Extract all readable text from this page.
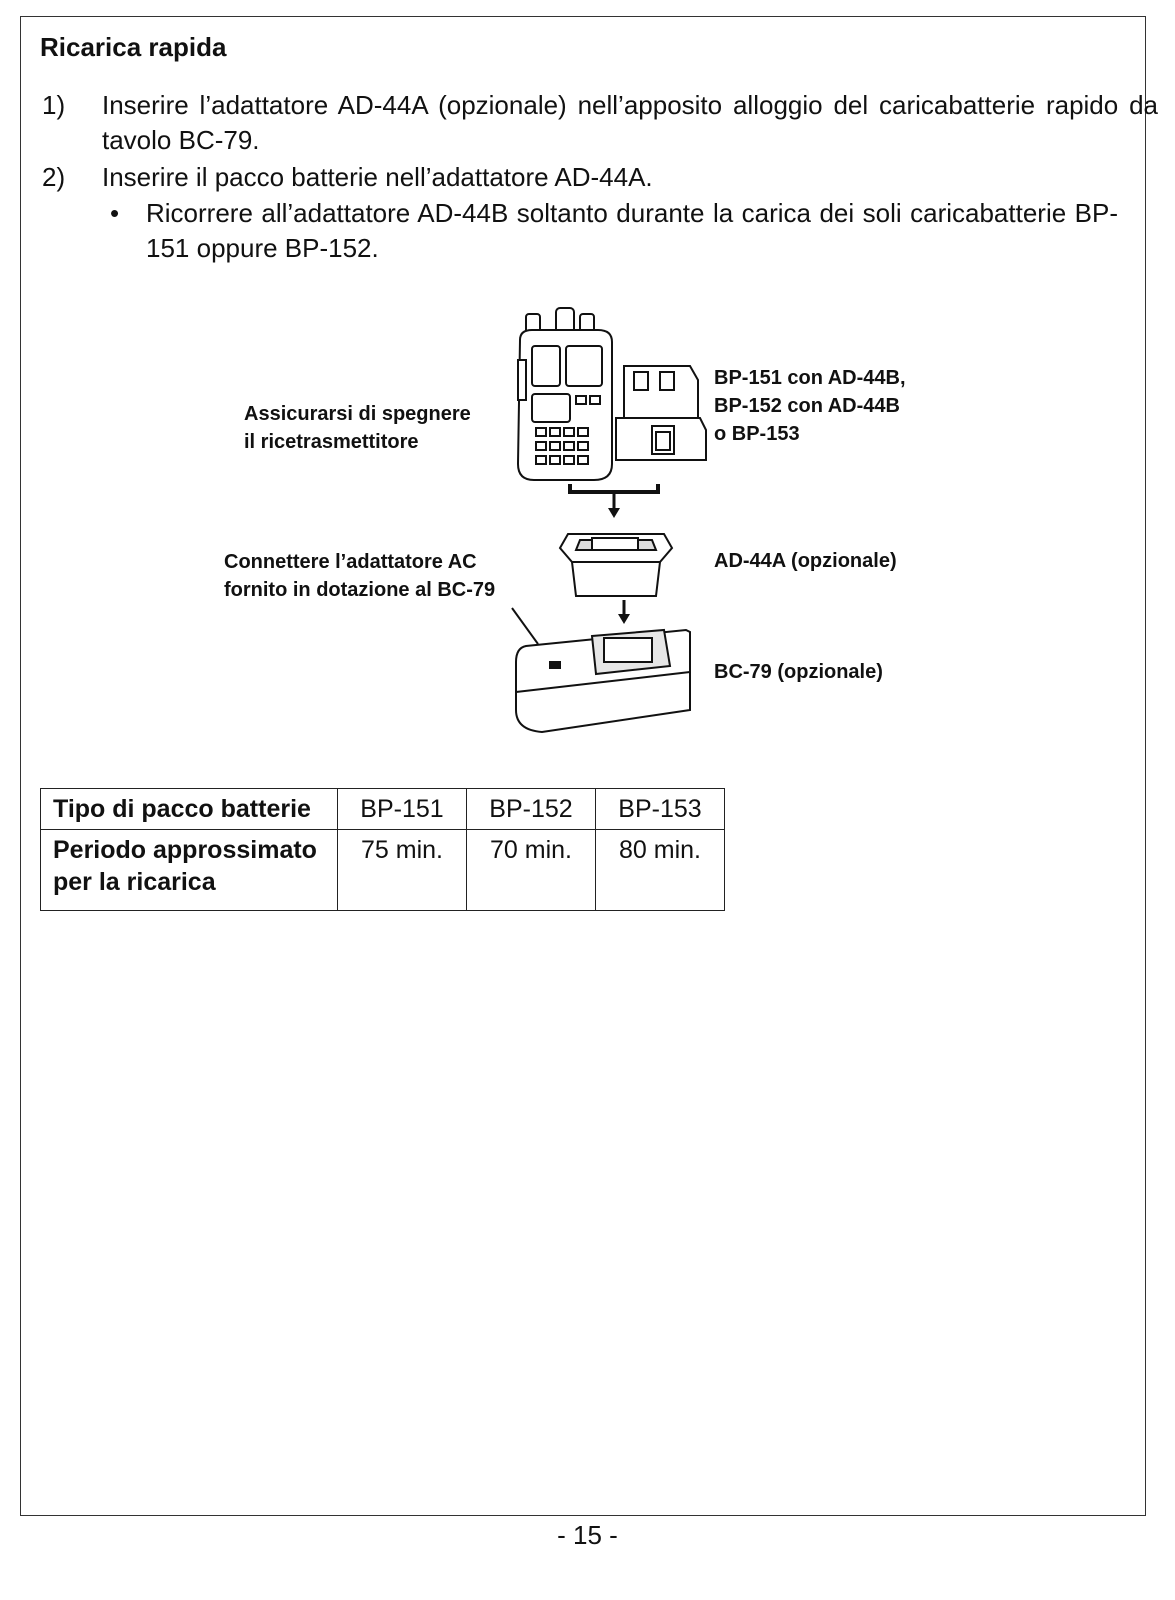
Ricarica rapida
1) Inserire l’adattatore AD-44A (opzionale) nell’apposito alloggio del caricabatterie rapido da tavolo BC-79.
2) Inserire il pacco batterie nell’adattatore AD-44A.
• Ricorrere all’adattatore AD-44B soltanto durante la carica dei soli caricabatterie BP-151 oppure BP-152.
Assicurarsi di spegnere
il ricetrasmettitore
BP-151 con AD-44B,
BP-152 con AD-44B
o BP-153
Connettere l’adattatore AC
fornito in dotazione al BC-79
AD-44A (opzionale)
BC-79 (opzionale)
Tipo di pacco batterie	BP-151	BP-152	BP-153

Periodo approssimato
per la ricarica	75 min.	70 min.	80 min.
- 15 -
